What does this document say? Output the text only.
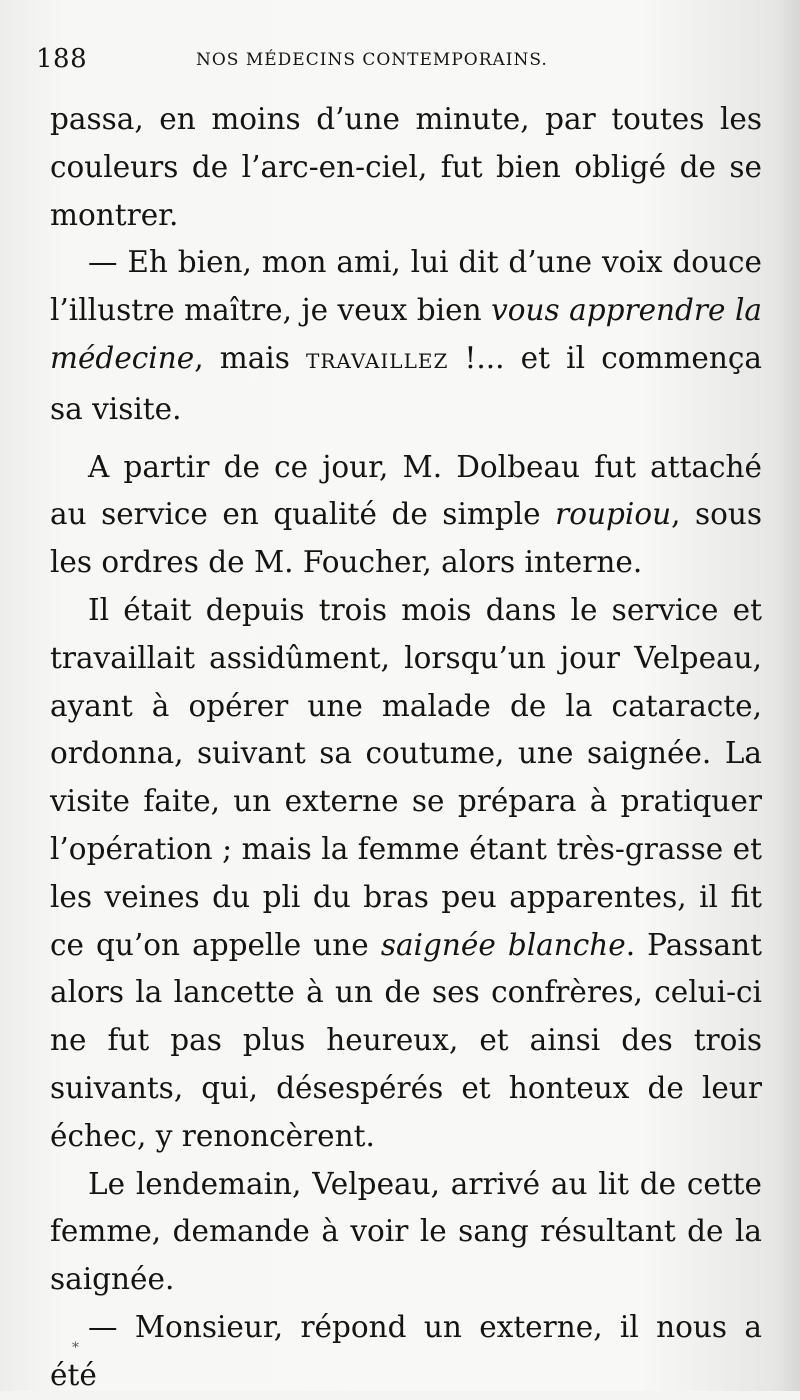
188	NOS MÉDECINS CONTEMPORAINS.

passa, en moins d’une minute, par toutes les couleurs de l’arc-en-ciel, fut bien obligé de se montrer.

— Eh bien, mon ami, lui dit d’une voix douce l’illustre maître, je veux bien vous apprendre la médecine, mais TRAVAILLEZ !... et il commença sa visite.

A partir de ce jour, M. Dolbeau fut attaché au service en qualité de simple roupiou, sous les ordres de M. Foucher, alors interne.

Il était depuis trois mois dans le service et travaillait assidûment, lorsqu’un jour Velpeau, ayant à opérer une malade de la cataracte, ordonna, suivant sa coutume, une saignée. La visite faite, un externe se prépara à pratiquer l’opération ; mais la femme étant très-grasse et les veines du pli du bras peu apparentes, il fit ce qu’on appelle une saignée blanche. Passant alors la lancette à un de ses confrères, celui-ci ne fut pas plus heureux, et ainsi des trois suivants, qui, désespérés et honteux de leur échec, y renoncèrent.

Le lendemain, Velpeau, arrivé au lit de cette femme, demande à voir le sang résultant de la saignée.

— Monsieur, répond un externe, il nous a été

*
